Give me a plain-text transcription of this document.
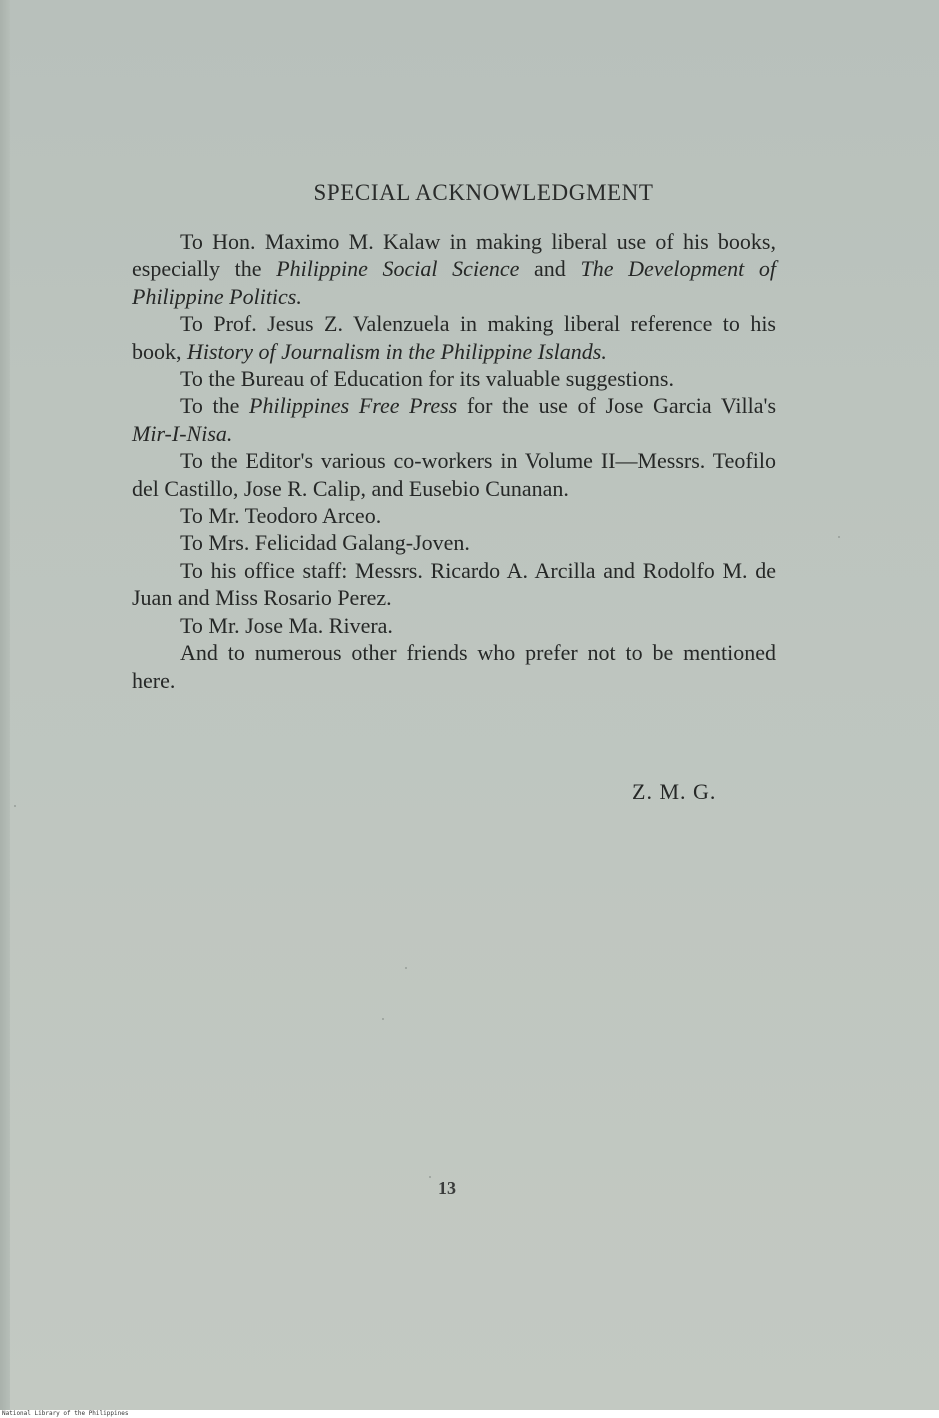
SPECIAL ACKNOWLEDGMENT

To Hon. Maximo M. Kalaw in making liberal use of his books, especially the Philippine Social Science and The Development of Philippine Politics.

To Prof. Jesus Z. Valenzuela in making liberal reference to his book, History of Journalism in the Philippine Islands.

To the Bureau of Education for its valuable suggestions.

To the Philippines Free Press for the use of Jose Garcia Villa's Mir-I-Nisa.

To the Editor's various co-workers in Volume II—Messrs. Teofilo del Castillo, Jose R. Calip, and Eusebio Cunanan.

To Mr. Teodoro Arceo.

To Mrs. Felicidad Galang-Joven.

To his office staff: Messrs. Ricardo A. Arcilla and Rodolfo M. de Juan and Miss Rosario Perez.

To Mr. Jose Ma. Rivera.

And to numerous other friends who prefer not to be mentioned here.

Z. M. G.
13
National Library of the Philippines
